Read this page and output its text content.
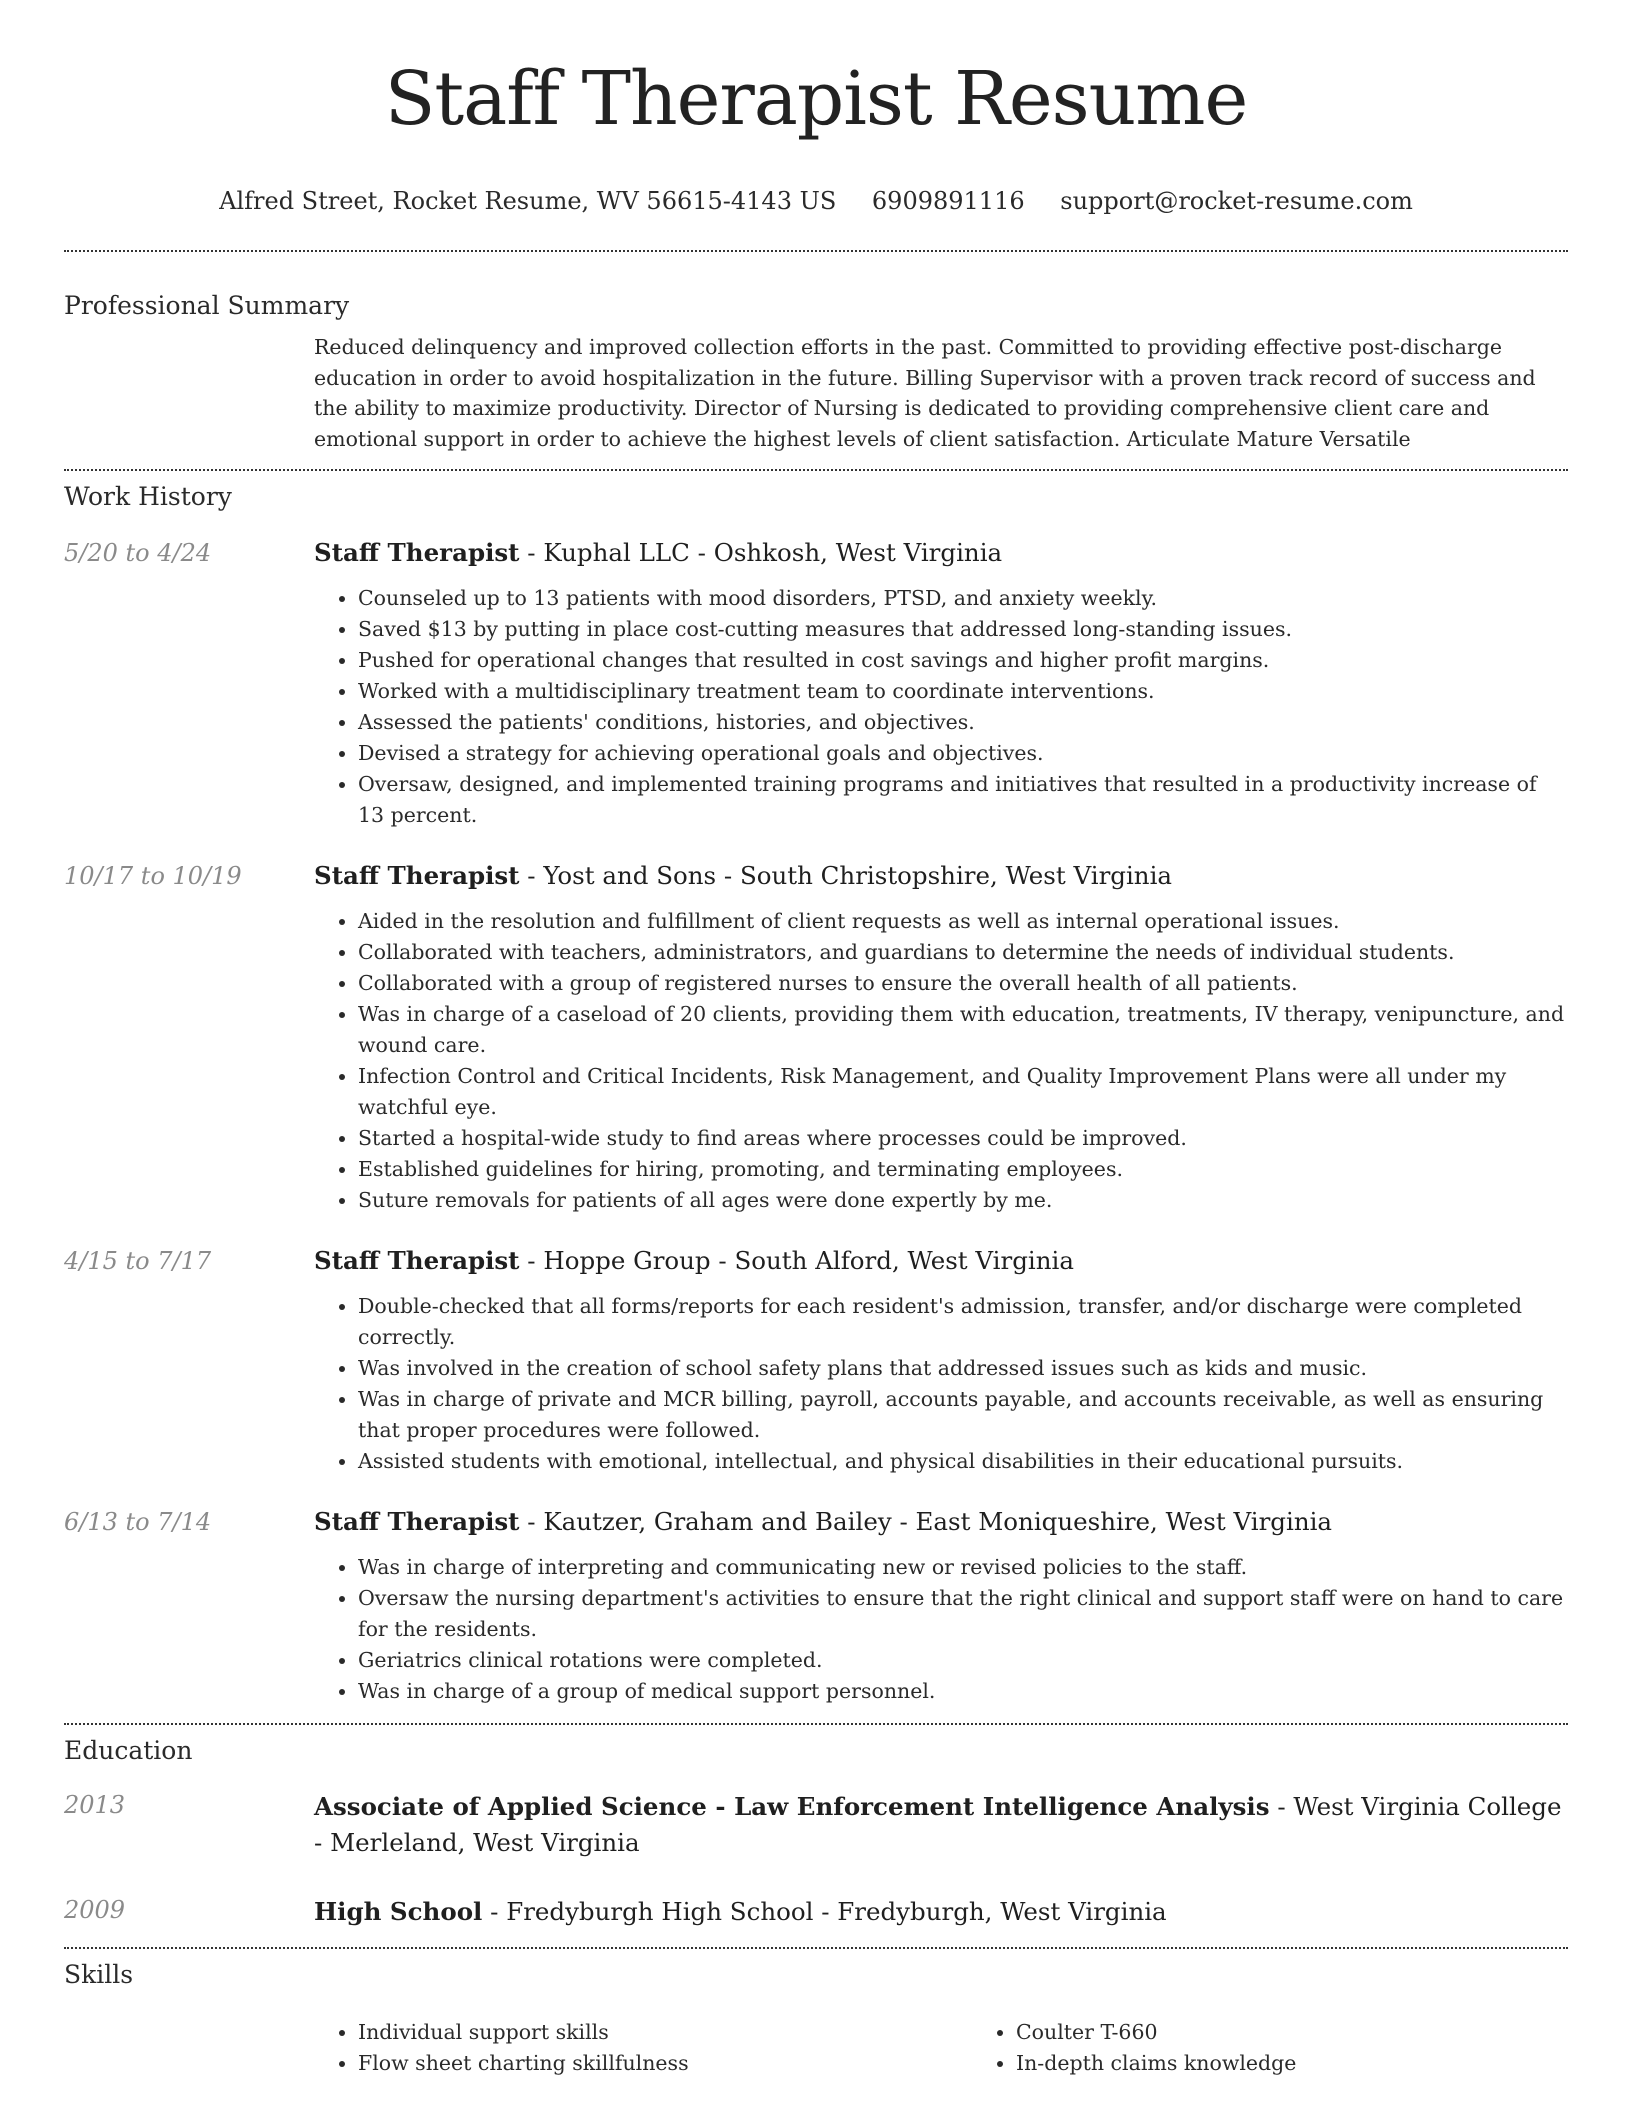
Staff Therapist Resume
Alfred Street, Rocket Resume, WV 56615-4143 US 6909891116 support@rocket-resume.com
Professional Summary
Reduced delinquency and improved collection efforts in the past. Committed to providing effective post-discharge education in order to avoid hospitalization in the future. Billing Supervisor with a proven track record of success and the ability to maximize productivity. Director of Nursing is dedicated to providing comprehensive client care and emotional support in order to achieve the highest levels of client satisfaction. Articulate Mature Versatile
Work History
5/20 to 4/24	Staff Therapist - Kuphal LLC - Oshkosh, West Virginia
• Counseled up to 13 patients with mood disorders, PTSD, and anxiety weekly.
• Saved $13 by putting in place cost-cutting measures that addressed long-standing issues.
• Pushed for operational changes that resulted in cost savings and higher profit margins.
• Worked with a multidisciplinary treatment team to coordinate interventions.
• Assessed the patients' conditions, histories, and objectives.
• Devised a strategy for achieving operational goals and objectives.
• Oversaw, designed, and implemented training programs and initiatives that resulted in a productivity increase of 13 percent.
10/17 to 10/19	Staff Therapist - Yost and Sons - South Christopshire, West Virginia
• Aided in the resolution and fulfillment of client requests as well as internal operational issues.
• Collaborated with teachers, administrators, and guardians to determine the needs of individual students.
• Collaborated with a group of registered nurses to ensure the overall health of all patients.
• Was in charge of a caseload of 20 clients, providing them with education, treatments, IV therapy, venipuncture, and wound care.
• Infection Control and Critical Incidents, Risk Management, and Quality Improvement Plans were all under my watchful eye.
• Started a hospital-wide study to find areas where processes could be improved.
• Established guidelines for hiring, promoting, and terminating employees.
• Suture removals for patients of all ages were done expertly by me.
4/15 to 7/17	Staff Therapist - Hoppe Group - South Alford, West Virginia
• Double-checked that all forms/reports for each resident's admission, transfer, and/or discharge were completed correctly.
• Was involved in the creation of school safety plans that addressed issues such as kids and music.
• Was in charge of private and MCR billing, payroll, accounts payable, and accounts receivable, as well as ensuring that proper procedures were followed.
• Assisted students with emotional, intellectual, and physical disabilities in their educational pursuits.
6/13 to 7/14	Staff Therapist - Kautzer, Graham and Bailey - East Moniqueshire, West Virginia
• Was in charge of interpreting and communicating new or revised policies to the staff.
• Oversaw the nursing department's activities to ensure that the right clinical and support staff were on hand to care for the residents.
• Geriatrics clinical rotations were completed.
• Was in charge of a group of medical support personnel.
Education
2013	Associate of Applied Science - Law Enforcement Intelligence Analysis - West Virginia College - Merleland, West Virginia
2009	High School - Fredyburgh High School - Fredyburgh, West Virginia
Skills
• Individual support skills
• Flow sheet charting skillfulness
• Coulter T-660
• In-depth claims knowledge
